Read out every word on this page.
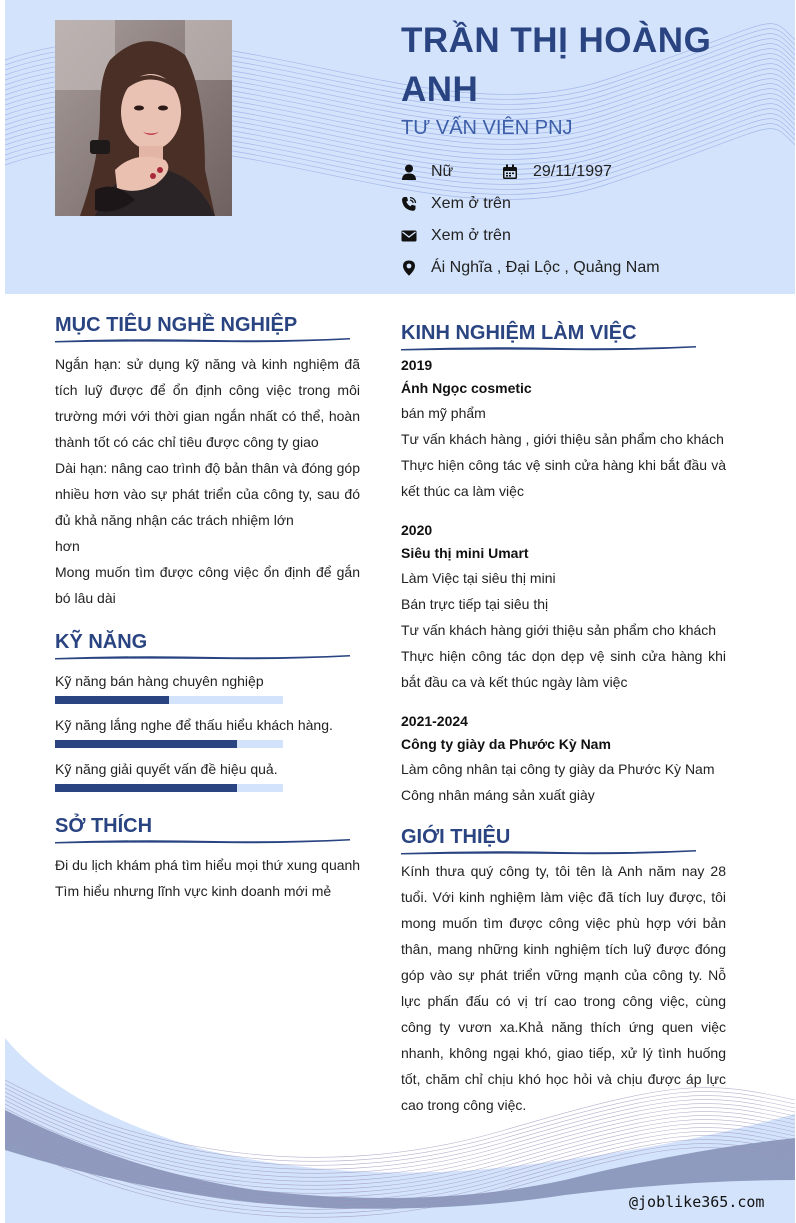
TRẦN THỊ HOÀNG ANH
TƯ VẤN VIÊN PNJ
Nữ	29/11/1997
Xem ở trên
Xem ở trên
Ái Nghĩa , Đại Lộc , Quảng Nam
MỤC TIÊU NGHỀ NGHIỆP

Ngắn hạn: sử dụng kỹ năng và kinh nghiệm đã tích luỹ được để ổn định công việc trong môi trường mới với thời gian ngắn nhất có thể, hoàn thành tốt có các chỉ tiêu được công ty giao

Dài hạn: nâng cao trình độ bản thân và đóng góp nhiều hơn vào sự phát triển của công ty, sau đó đủ khả năng nhận các trách nhiệm lớn

hơn

Mong muốn tìm được công việc ổn định để gắn bó lâu dài

KỸ NĂNG
Kỹ năng bán hàng chuyên nghiệp
Kỹ năng lắng nghe để thấu hiểu khách hàng.
Kỹ năng giải quyết vấn đề hiệu quả.
SỞ THÍCH

Đi du lịch khám phá tìm hiểu mọi thứ xung quanh

Tìm hiểu nhưng lĩnh vực kinh doanh mới mẻ

KINH NGHIỆM LÀM VIỆC
2019
Ánh Ngọc cosmetic
bán mỹ phẩm
Tư vấn khách hàng , giới thiệu sản phẩm cho khách
Thực hiện công tác vệ sinh cửa hàng khi bắt đầu và kết thúc ca làm việc
2020
Siêu thị mini Umart
Làm Việc tại siêu thị mini
Bán trực tiếp tại siêu thị
Tư vấn khách hàng giới thiệu sản phẩm cho khách
Thực hiện công tác dọn dẹp vệ sinh cửa hàng khi bắt đầu ca và kết thúc ngày làm việc
2021-2024
Công ty giày da Phước Kỳ Nam
Làm công nhân tại công ty giày da Phước Kỳ Nam
Công nhân máng sản xuất giày
GIỚI THIỆU
Kính thưa quý công ty, tôi tên là Anh năm nay 28 tuổi. Với kinh nghiệm làm việc đã tích luy được, tôi mong muốn tìm được công việc phù hợp với bản thân, mang những kinh nghiệm tích luỹ được đóng góp vào sự phát triển vững mạnh của công ty. Nỗ lực phấn đấu có vị trí cao trong công việc, cùng công ty vươn xa.Khả năng thích ứng quen việc nhanh, không ngại khó, giao tiếp, xử lý tình huống tốt, chăm chỉ chịu khó học hỏi và chịu được áp lực cao trong công việc.
@joblike365.com
